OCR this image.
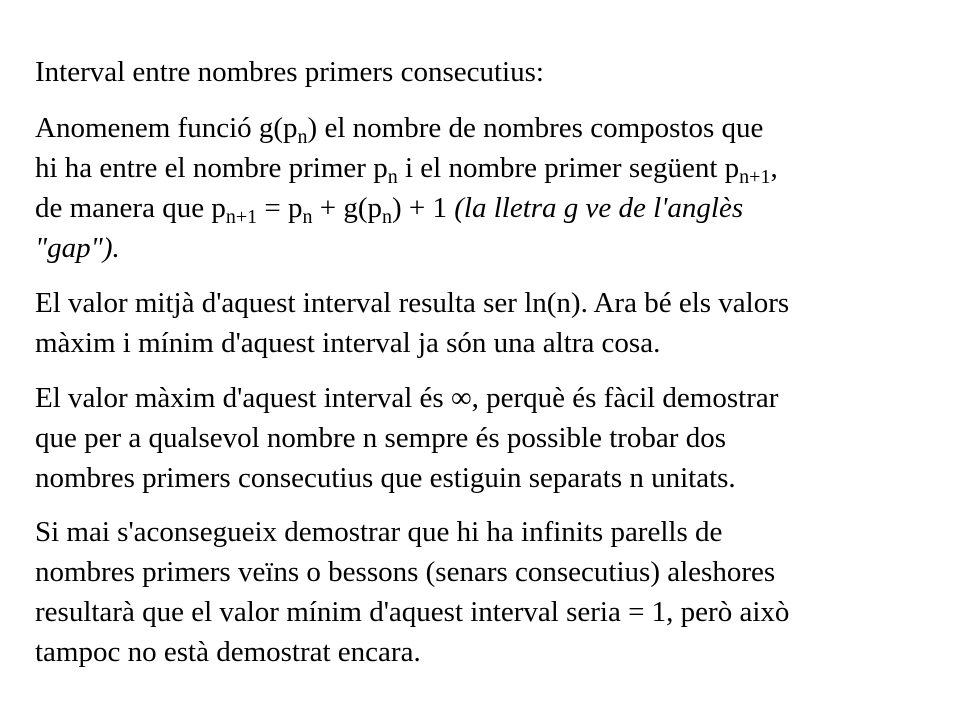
Interval entre nombres primers consecutius:

Anomenem funció $g(p_n)$ el nombre de nombres compostos que
hi ha entre el nombre primer $p_n$ i el nombre primer següent $p_{n+1}$,
de manera que $p_{n+1} = p_n + g(p_n) + 1$ (la lletra g ve de l'anglès
"gap").

El valor mitjà d'aquest interval resulta ser ln(n). Ara bé els valors
màxim i mínim d'aquest interval ja són una altra cosa.

El valor màxim d'aquest interval és ∞, perquè és fàcil demostrar
que per a qualsevol nombre n sempre és possible trobar dos
nombres primers consecutius que estiguin separats n unitats.

Si mai s'aconsegueix demostrar que hi ha infinits parells de
nombres primers veïns o bessons (senars consecutius) aleshores
resultarà que el valor mínim d'aquest interval seria = 1, però això
tampoc no està demostrat encara.
